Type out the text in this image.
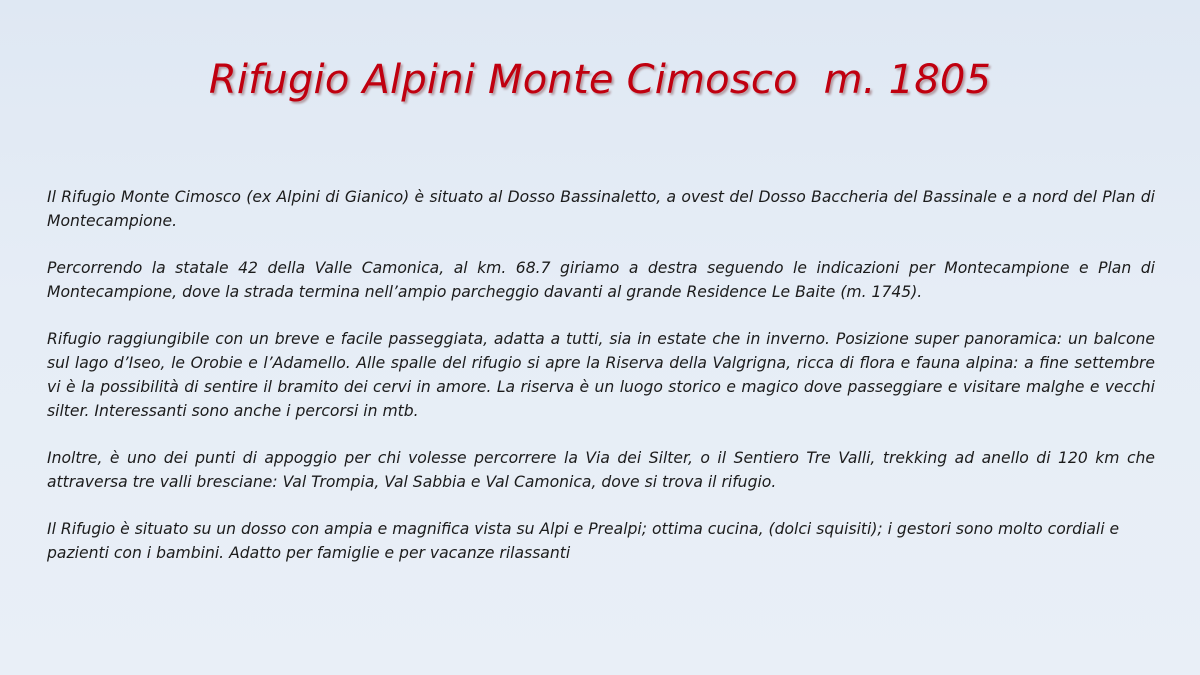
Rifugio Alpini Monte Cimosco  m. 1805

Il Rifugio Monte Cimosco (ex Alpini di Gianico) è situato al Dosso Bassinaletto, a ovest del Dosso Baccheria del Bassinale e a nord del Plan di Montecampione.

Percorrendo la statale 42 della Valle Camonica, al km. 68.7 giriamo a destra seguendo le indicazioni per Montecampione e Plan di Montecampione, dove la strada termina nell’ampio parcheggio davanti al grande Residence Le Baite (m. 1745).

Rifugio raggiungibile con un breve e facile passeggiata, adatta a tutti, sia in estate che in inverno. Posizione super panoramica: un balcone sul lago d’Iseo, le Orobie e l’Adamello. Alle spalle del rifugio si apre la Riserva della Valgrigna, ricca di flora e fauna alpina: a fine settembre vi è la possibilità di sentire il bramito dei cervi in amore. La riserva è un luogo storico e magico dove passeggiare e visitare malghe e vecchi silter. Interessanti sono anche i percorsi in mtb.

Inoltre, è uno dei punti di appoggio per chi volesse percorrere la Via dei Silter, o il Sentiero Tre Valli, trekking ad anello di 120 km che attraversa tre valli bresciane: Val Trompia, Val Sabbia e Val Camonica, dove si trova il rifugio.

Il Rifugio è situato su un dosso con ampia e magnifica vista su Alpi e Prealpi; ottima cucina, (dolci squisiti); i gestori sono molto cordiali e pazienti con i bambini. Adatto per famiglie e per vacanze rilassanti
